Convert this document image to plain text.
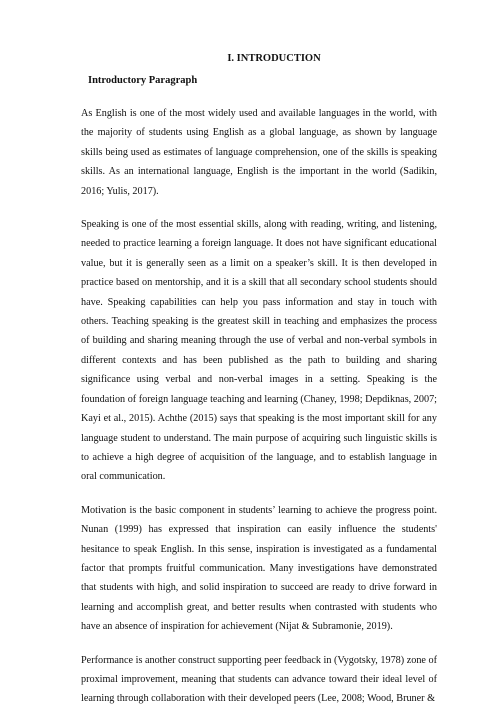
I. INTRODUCTION
Introductory Paragraph

As English is one of the most widely used and available languages in the world, with the majority of students using English as a global language, as shown by language skills being used as estimates of language comprehension, one of the skills is speaking skills. As an international language, English is the important in the world (Sadikin, 2016; Yulis, 2017).

Speaking is one of the most essential skills, along with reading, writing, and listening, needed to practice learning a foreign language. It does not have significant educational value, but it is generally seen as a limit on a speaker’s skill. It is then developed in practice based on mentorship, and it is a skill that all secondary school students should have. Speaking capabilities can help you pass information and stay in touch with others. Teaching speaking is the greatest skill in teaching and emphasizes the process of building and sharing meaning through the use of verbal and non-verbal symbols in different contexts and has been published as the path to building and sharing significance using verbal and non-verbal images in a setting. Speaking is the foundation of foreign language teaching and learning (Chaney, 1998; Depdiknas, 2007; Kayi et al., 2015). Achthe (2015) says that speaking is the most important skill for any language student to understand. The main purpose of acquiring such linguistic skills is to achieve a high degree of acquisition of the language, and to establish language in oral communication.

Motivation is the basic component in students’ learning to achieve the progress point. Nunan (1999) has expressed that inspiration can easily influence the students' hesitance to speak English. In this sense, inspiration is investigated as a fundamental factor that prompts fruitful communication. Many investigations have demonstrated that students with high, and solid inspiration to succeed are ready to drive forward in learning and accomplish great, and better results when contrasted with students who have an absence of inspiration for achievement (Nijat & Subramonie, 2019).

Performance is another construct supporting peer feedback in (Vygotsky, 1978) zone of proximal improvement, meaning that students can advance toward their ideal level of learning through collaboration with their developed peers (Lee, 2008; Wood, Bruner &
